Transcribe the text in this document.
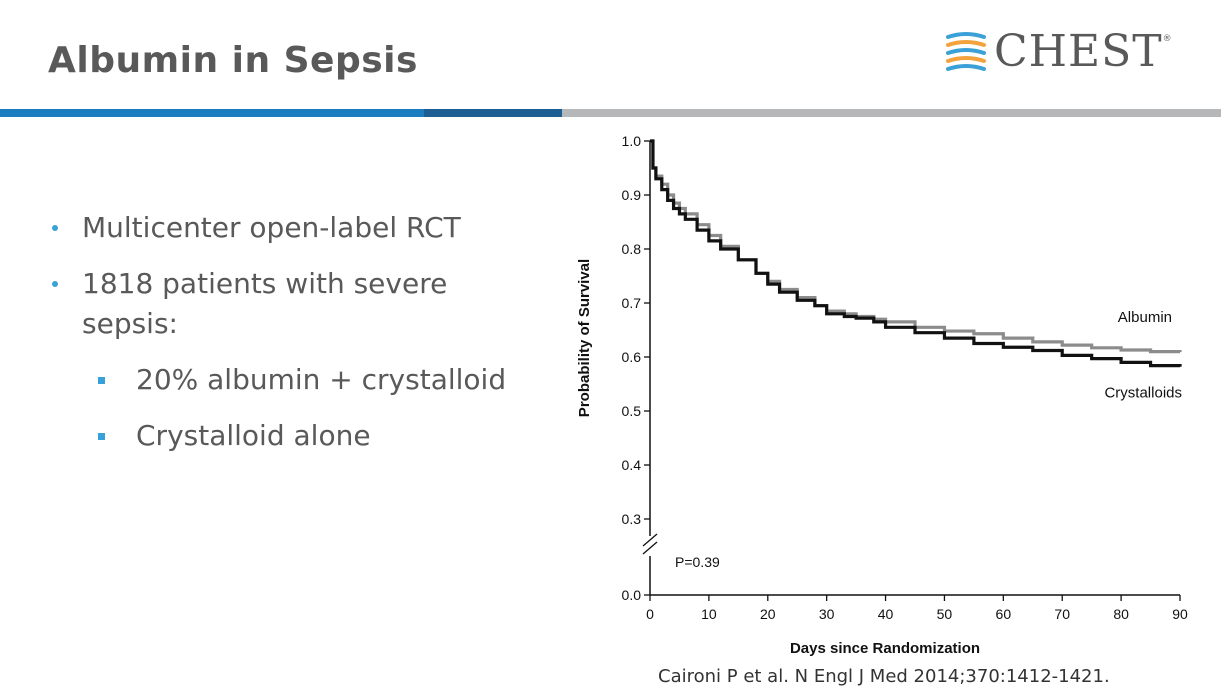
Albumin in Sepsis	CHEST ®
Multicenter open-label RCT
1818 patients with severe sepsis:
20% albumin + crystalloid
Crystalloid alone
0.0
0.3
0.4
0.5
0.6
0.7
0.8
0.9
1.0
0	10	20	30	40	50	60	70	80	90
Probability of Survival
Days since Randomization
P=0.39
Albumin
Crystalloids
Caironi P et al. N Engl J Med 2014;370:1412-1421.
